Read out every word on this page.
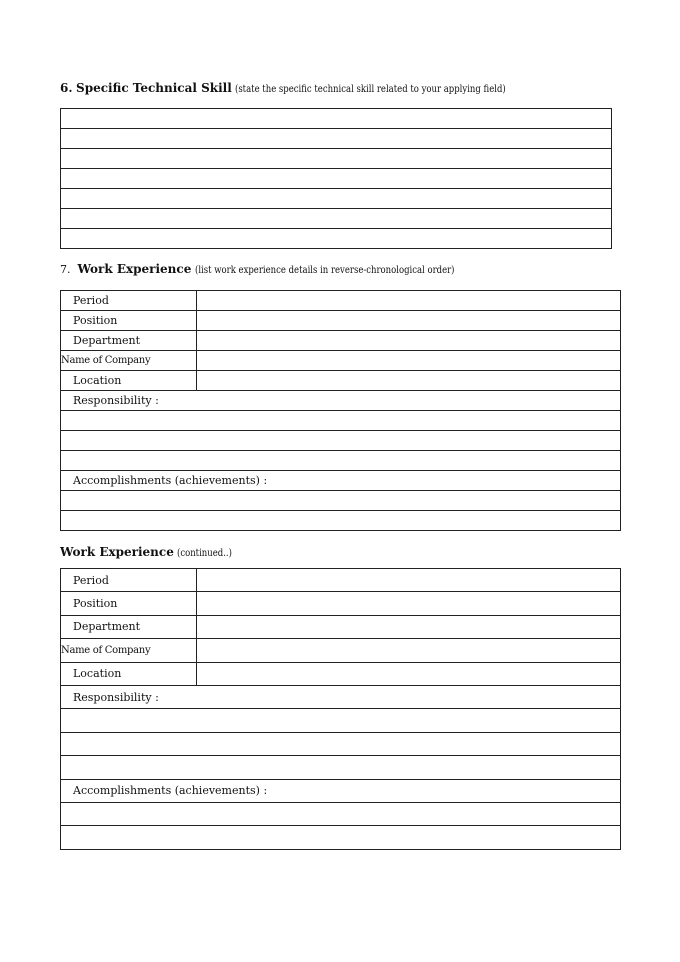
6. Specific Technical Skill (state the specific technical skill related to your applying field)

7. Work Experience (list work experience details in reverse-chronological order)
Period	
Position	
Department	
Name of Company	
Location	
Responsibility :	

Accomplishments (achievements) :	

Work Experience (continued..)
Period	
Position	
Department	
Name of Company	
Location	
Responsibility :	

Accomplishments (achievements) :	
